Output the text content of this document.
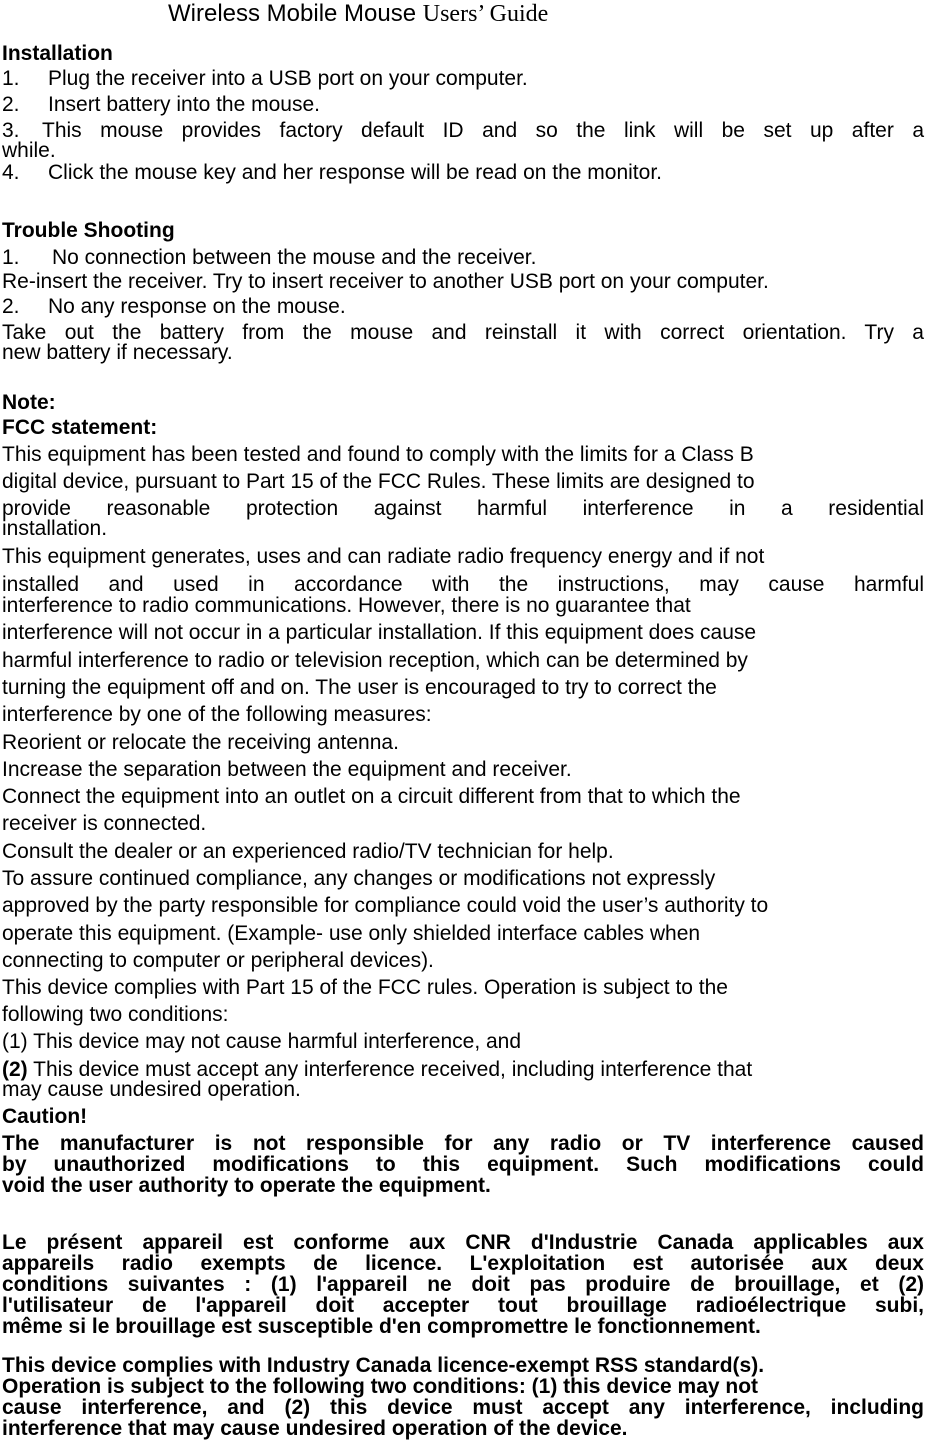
Wireless Mobile Mouse Users’ Guide
Installation
1. Plug the receiver into a USB port on your computer.
2. Insert battery into the mouse.
3.	This mouse provides factory default ID and so the link will be set up after a
while.
4. Click the mouse key and her response will be read on the monitor.
Trouble Shooting
1. No connection between the mouse and the receiver.
Re-insert the receiver. Try to insert receiver to another USB port on your computer.
2. No any response on the mouse.
Take out the battery from the mouse and reinstall it with correct orientation. Try a
new battery if necessary.
Note:
FCC statement:
This equipment has been tested and found to comply with the limits for a Class B
digital device, pursuant to Part 15 of the FCC Rules. These limits are designed to
provide reasonable protection against harmful interference in a residential
installation.
This equipment generates, uses and can radiate radio frequency energy and if not
installed and used in accordance with the instructions, may cause harmful
interference to radio communications. However, there is no guarantee that
interference will not occur in a particular installation. If this equipment does cause
harmful interference to radio or television reception, which can be determined by
turning the equipment off and on. The user is encouraged to try to correct the
interference by one of the following measures:
Reorient or relocate the receiving antenna.
Increase the separation between the equipment and receiver.
Connect the equipment into an outlet on a circuit different from that to which the
receiver is connected.
Consult the dealer or an experienced radio/TV technician for help.
To assure continued compliance, any changes or modifications not expressly
approved by the party responsible for compliance could void the user’s authority to
operate this equipment. (Example- use only shielded interface cables when
connecting to computer or peripheral devices).
This device complies with Part 15 of the FCC rules. Operation is subject to the
following two conditions:
(1) This device may not cause harmful interference, and
(2) This device must accept any interference received, including interference that
may cause undesired operation.
Caution!
The manufacturer is not responsible for any radio or TV interference caused
by unauthorized modifications to this equipment. Such modifications could
void the user authority to operate the equipment.
Le présent appareil est conforme aux CNR d'Industrie Canada applicables aux
appareils radio exempts de licence. L'exploitation est autorisée aux deux
conditions suivantes : (1) l'appareil ne doit pas produire de brouillage, et (2)
l'utilisateur de l'appareil doit accepter tout brouillage radioélectrique subi,
même si le brouillage est susceptible d'en compromettre le fonctionnement.
This device complies with Industry Canada licence-exempt RSS standard(s).
Operation is subject to the following two conditions: (1) this device may not
cause interference, and (2) this device must accept any interference, including
interference that may cause undesired operation of the device.
